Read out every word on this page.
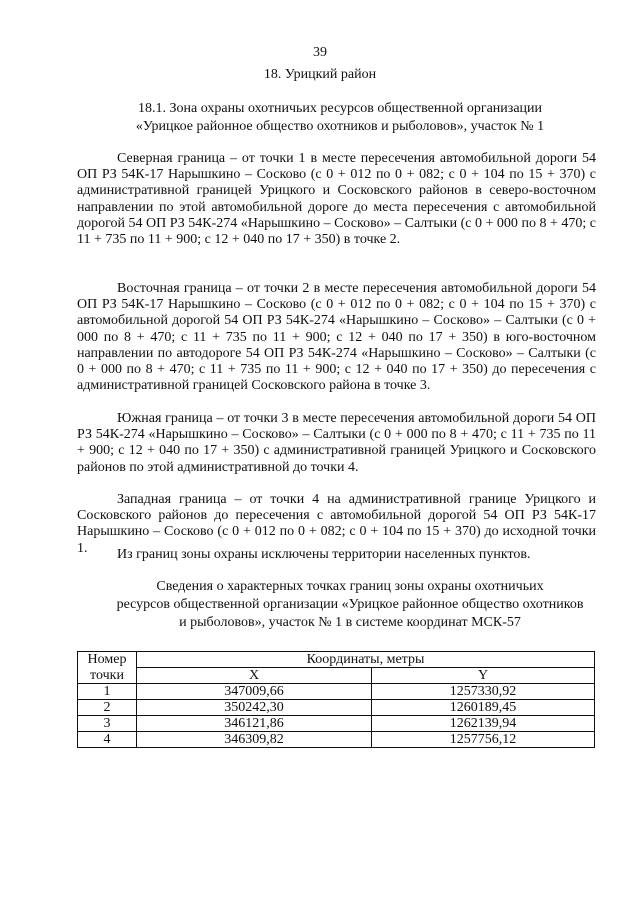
39
18. Урицкий район
18.1. Зона охраны охотничьих ресурсов общественной организации
«Урицкое районное общество охотников и рыболовов», участок № 1

Северная граница – от точки 1 в месте пересечения автомобильной дороги 54 ОП РЗ 54К-17 Нарышкино – Сосково (с 0 + 012 по 0 + 082; с 0 + 104 по 15 + 370) с административной границей Урицкого и Сосковского районов в северо-восточном направлении по этой автомобильной дороге до места пересечения с автомобильной дорогой 54 ОП РЗ 54К-274 «Нарышкино – Сосково» – Салтыки (с 0 + 000 по 8 + 470; с 11 + 735 по 11 + 900; с 12 + 040 по 17 + 350) в точке 2.

Восточная граница – от точки 2 в месте пересечения автомобильной дороги 54 ОП РЗ 54К-17 Нарышкино – Сосково (с 0 + 012 по 0 + 082; с 0 + 104 по 15 + 370) с автомобильной дорогой 54 ОП РЗ 54К-274 «Нарышкино – Сосково» – Салтыки (с 0 + 000 по 8 + 470; с 11 + 735 по 11 + 900; с 12 + 040 по 17 + 350) в юго-восточном направлении по автодороге 54 ОП РЗ 54К-274 «Нарышкино – Сосково» – Салтыки (с 0 + 000 по 8 + 470; с 11 + 735 по 11 + 900; с 12 + 040 по 17 + 350) до пересечения с административной границей Сосковского района в точке 3.

Южная граница – от точки 3 в месте пересечения автомобильной дороги 54 ОП РЗ 54К-274 «Нарышкино – Сосково» – Салтыки (с 0 + 000 по 8 + 470; с 11 + 735 по 11 + 900; с 12 + 040 по 17 + 350) с административной границей Урицкого и Сосковского районов по этой административной до точки 4.

Западная граница – от точки 4 на административной границе Урицкого и Сосковского районов до пересечения с автомобильной дорогой 54 ОП РЗ 54К-17 Нарышкино – Сосково (с 0 + 012 по 0 + 082; с 0 + 104 по 15 + 370) до исходной точки 1.	Из границ зоны охраны исключены территории населенных пунктов.

Сведения о характерных точках границ зоны охраны охотничьих
ресурсов общественной организации «Урицкое районное общество охотников
и рыболовов», участок № 1 в системе координат МСК-57
Номер	Координаты, метры	
точки	X	Y
1	347009,66	1257330,92
2	350242,30	1260189,45
3	346121,86	1262139,94
4	346309,82	1257756,12
